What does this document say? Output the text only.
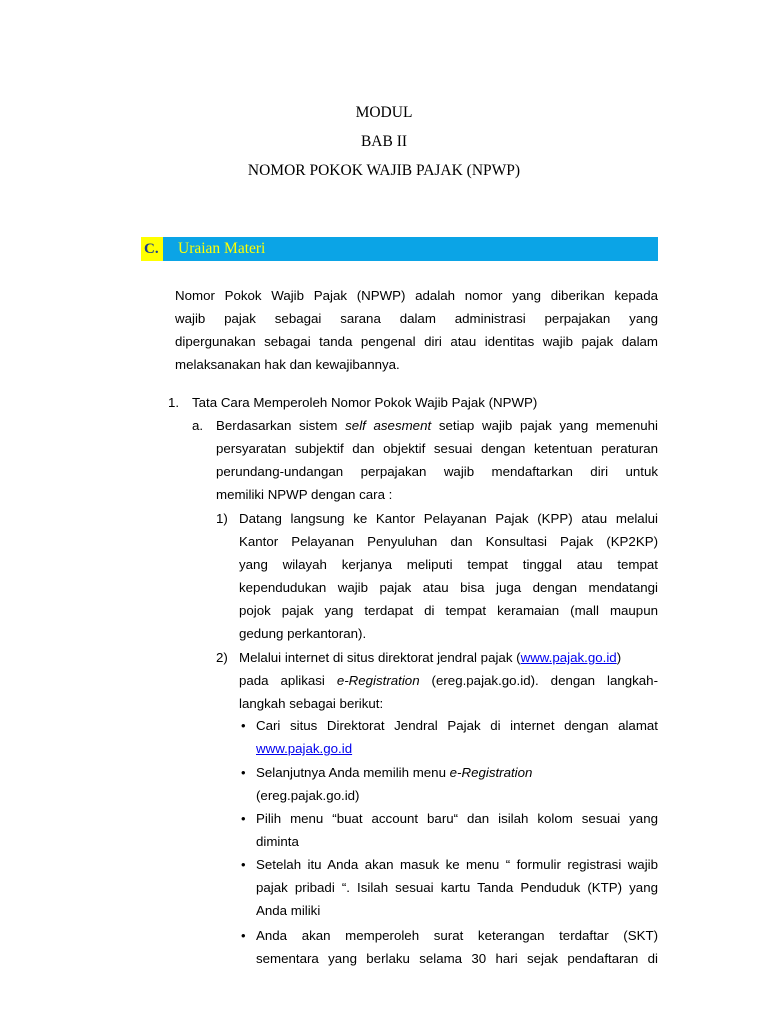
MODUL
BAB II
NOMOR POKOK WAJIB PAJAK (NPWP)
C. Uraian Materi
Nomor Pokok Wajib Pajak (NPWP) adalah nomor yang diberikan kepada
wajib pajak sebagai sarana dalam administrasi perpajakan yang
dipergunakan sebagai tanda pengenal diri atau identitas wajib pajak dalam
melaksanakan hak dan kewajibannya.
1. Tata Cara Memperoleh Nomor Pokok Wajib Pajak (NPWP)
a. Berdasarkan sistem self asesment setiap wajib pajak yang memenuhi
persyaratan subjektif dan objektif sesuai dengan ketentuan peraturan
perundang-undangan perpajakan wajib mendaftarkan diri untuk
memiliki NPWP dengan cara :
1) Datang langsung ke Kantor Pelayanan Pajak (KPP) atau melalui
Kantor Pelayanan Penyuluhan dan Konsultasi Pajak (KP2KP)
yang wilayah kerjanya meliputi tempat tinggal atau tempat
kependudukan wajib pajak atau bisa juga dengan mendatangi
pojok pajak yang terdapat di tempat keramaian (mall maupun
gedung perkantoran).
2) Melalui internet di situs direktorat jendral pajak (www.pajak.go.id)
pada aplikasi e-Registration (ereg.pajak.go.id). dengan langkah-
langkah sebagai berikut:
• Cari situs Direktorat Jendral Pajak di internet dengan alamat
www.pajak.go.id
• Selanjutnya Anda memilih menu e-Registration
(ereg.pajak.go.id)
• Pilih menu “buat account baru“ dan isilah kolom sesuai yang
diminta
• Setelah itu Anda akan masuk ke menu “ formulir registrasi wajib
pajak pribadi “. Isilah sesuai kartu Tanda Penduduk (KTP) yang
Anda miliki
• Anda akan memperoleh surat keterangan terdaftar (SKT)
sementara yang berlaku selama 30 hari sejak pendaftaran di
